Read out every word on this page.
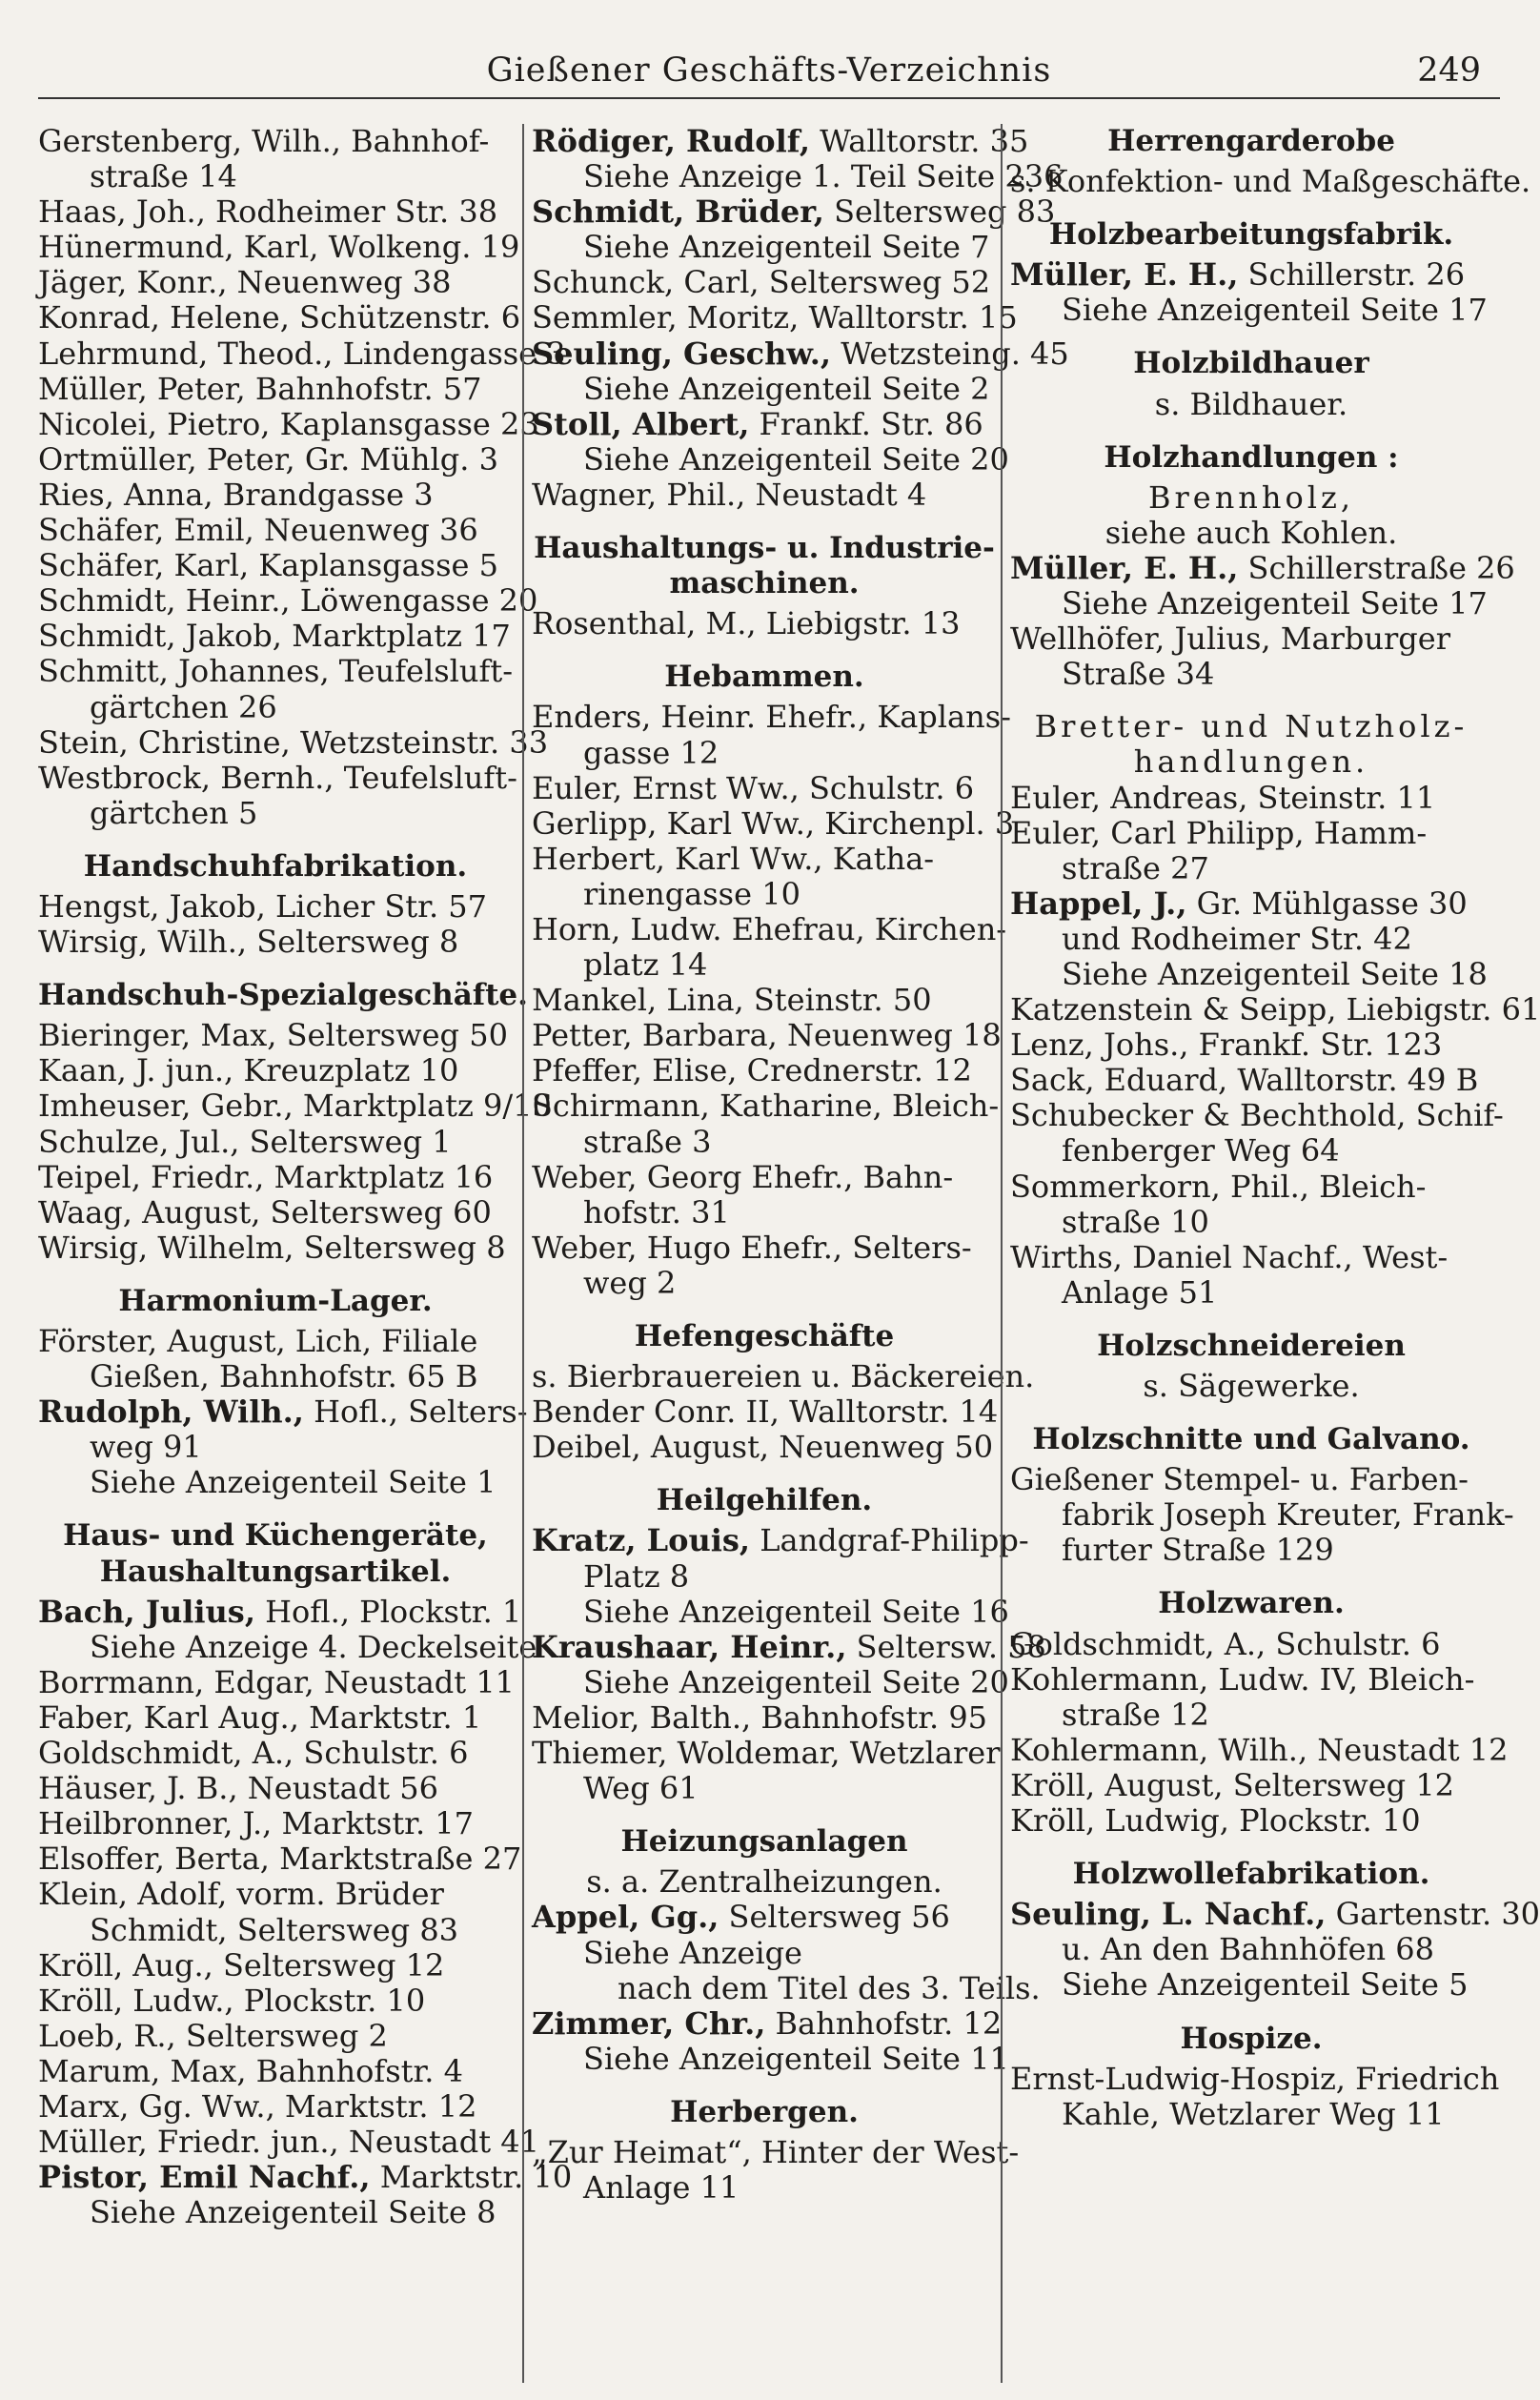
Gießener Geschäfts-Verzeichnis	249
Gerstenberg, Wilh., Bahnhof-
straße 14
Haas, Joh., Rodheimer Str. 38
Hünermund, Karl, Wolkeng. 19
Jäger, Konr., Neuenweg 38
Konrad, Helene, Schützenstr. 6
Lehrmund, Theod., Lindengasse 3
Müller, Peter, Bahnhofstr. 57
Nicolei, Pietro, Kaplansgasse 23
Ortmüller, Peter, Gr. Mühlg. 3
Ries, Anna, Brandgasse 3
Schäfer, Emil, Neuenweg 36
Schäfer, Karl, Kaplansgasse 5
Schmidt, Heinr., Löwengasse 20
Schmidt, Jakob, Marktplatz 17
Schmitt, Johannes, Teufelsluft-
gärtchen 26
Stein, Christine, Wetzsteinstr. 33
Westbrock, Bernh., Teufelsluft-
gärtchen 5
Handschuhfabrikation.
Hengst, Jakob, Licher Str. 57
Wirsig, Wilh., Seltersweg 8
Handschuh-Spezialgeschäfte.
Bieringer, Max, Seltersweg 50
Kaan, J. jun., Kreuzplatz 10
Imheuser, Gebr., Marktplatz 9/10
Schulze, Jul., Seltersweg 1
Teipel, Friedr., Marktplatz 16
Waag, August, Seltersweg 60
Wirsig, Wilhelm, Seltersweg 8
Harmonium-Lager.
Förster, August, Lich, Filiale
Gießen, Bahnhofstr. 65 B
Rudolph, Wilh., Hofl., Selters-
weg 91
Siehe Anzeigenteil Seite 1
Haus- und Küchengeräte,
Haushaltungsartikel.
Bach, Julius, Hofl., Plockstr. 1
Siehe Anzeige 4. Deckelseite
Borrmann, Edgar, Neustadt 11
Faber, Karl Aug., Marktstr. 1
Goldschmidt, A., Schulstr. 6
Häuser, J. B., Neustadt 56
Heilbronner, J., Marktstr. 17
Elsoffer, Berta, Marktstraße 27
Klein, Adolf, vorm. Brüder
Schmidt, Seltersweg 83
Kröll, Aug., Seltersweg 12
Kröll, Ludw., Plockstr. 10
Loeb, R., Seltersweg 2
Marum, Max, Bahnhofstr. 4
Marx, Gg. Ww., Marktstr. 12
Müller, Friedr. jun., Neustadt 41
Pistor, Emil Nachf., Marktstr. 10
Siehe Anzeigenteil Seite 8
Rödiger, Rudolf, Walltorstr. 35
Siehe Anzeige 1. Teil Seite 236
Schmidt, Brüder, Seltersweg 83
Siehe Anzeigenteil Seite 7
Schunck, Carl, Seltersweg 52
Semmler, Moritz, Walltorstr. 15
Seuling, Geschw., Wetzsteing. 45
Siehe Anzeigenteil Seite 2
Stoll, Albert, Frankf. Str. 86
Siehe Anzeigenteil Seite 20
Wagner, Phil., Neustadt 4
Haushaltungs- u. Industrie-
maschinen.
Rosenthal, M., Liebigstr. 13
Hebammen.
Enders, Heinr. Ehefr., Kaplans-
gasse 12
Euler, Ernst Ww., Schulstr. 6
Gerlipp, Karl Ww., Kirchenpl. 3
Herbert, Karl Ww., Katha-
rinengasse 10
Horn, Ludw. Ehefrau, Kirchen-
platz 14
Mankel, Lina, Steinstr. 50
Petter, Barbara, Neuenweg 18
Pfeffer, Elise, Crednerstr. 12
Schirmann, Katharine, Bleich-
straße 3
Weber, Georg Ehefr., Bahn-
hofstr. 31
Weber, Hugo Ehefr., Selters-
weg 2
Hefengeschäfte
s. Bierbrauereien u. Bäckereien.
Bender Conr. II, Walltorstr. 14
Deibel, August, Neuenweg 50
Heilgehilfen.
Kratz, Louis, Landgraf-Philipp-
Platz 8
Siehe Anzeigenteil Seite 16
Kraushaar, Heinr., Seltersw. 58
Siehe Anzeigenteil Seite 20
Melior, Balth., Bahnhofstr. 95
Thiemer, Woldemar, Wetzlarer
Weg 61
Heizungsanlagen
s. a. Zentralheizungen.
Appel, Gg., Seltersweg 56
Siehe Anzeige
nach dem Titel des 3. Teils.
Zimmer, Chr., Bahnhofstr. 12
Siehe Anzeigenteil Seite 11
Herbergen.
„Zur Heimat“, Hinter der West-
Anlage 11
Herrengarderobe
s. Konfektion- und Maßgeschäfte.
Holzbearbeitungsfabrik.
Müller, E. H., Schillerstr. 26
Siehe Anzeigenteil Seite 17
Holzbildhauer
s. Bildhauer.
Holzhandlungen :
Brennholz,
siehe auch Kohlen.
Müller, E. H., Schillerstraße 26
Siehe Anzeigenteil Seite 17
Wellhöfer, Julius, Marburger
Straße 34
Bretter- und Nutzholz-
handlungen.
Euler, Andreas, Steinstr. 11
Euler, Carl Philipp, Hamm-
straße 27
Happel, J., Gr. Mühlgasse 30
und Rodheimer Str. 42
Siehe Anzeigenteil Seite 18
Katzenstein & Seipp, Liebigstr. 61
Lenz, Johs., Frankf. Str. 123
Sack, Eduard, Walltorstr. 49 B
Schubecker & Bechthold, Schif-
fenberger Weg 64
Sommerkorn, Phil., Bleich-
straße 10
Wirths, Daniel Nachf., West-
Anlage 51
Holzschneidereien
s. Sägewerke.
Holzschnitte und Galvano.
Gießener Stempel- u. Farben-
fabrik Joseph Kreuter, Frank-
furter Straße 129
Holzwaren.
Goldschmidt, A., Schulstr. 6
Kohlermann, Ludw. IV, Bleich-
straße 12
Kohlermann, Wilh., Neustadt 12
Kröll, August, Seltersweg 12
Kröll, Ludwig, Plockstr. 10
Holzwollefabrikation.
Seuling, L. Nachf., Gartenstr. 30
u. An den Bahnhöfen 68
Siehe Anzeigenteil Seite 5
Hospize.
Ernst-Ludwig-Hospiz, Friedrich
Kahle, Wetzlarer Weg 11
